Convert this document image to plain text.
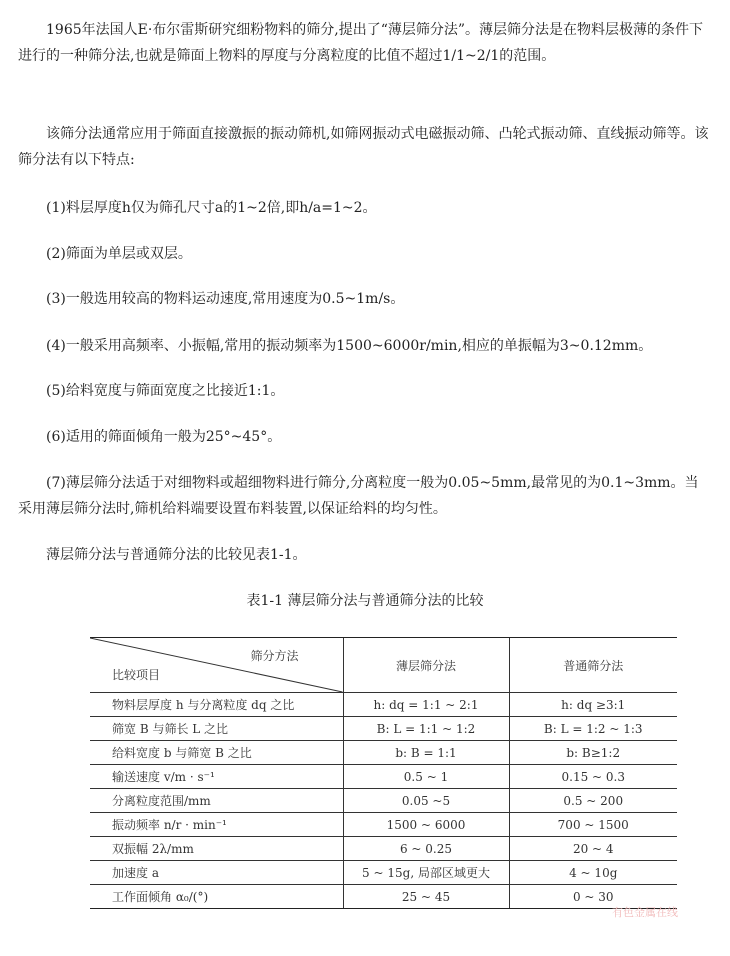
　　1965年法国人E·布尔雷斯研究细粉物料的筛分,提出了“薄层筛分法”。薄层筛分法是在物料层极薄的条件下进行的一种筛分法,也就是筛面上物料的厚度与分离粒度的比值不超过1/1~2/1的范围。

　　该筛分法通常应用于筛面直接激振的振动筛机,如筛网振动式电磁振动筛、凸轮式振动筛、直线振动筛等。该筛分法有以下特点:

　　(1)料层厚度h仅为筛孔尺寸a的1~2倍,即h/a=1~2。

　　(2)筛面为单层或双层。

　　(3)一般选用较高的物料运动速度,常用速度为0.5~1m/s。

　　(4)一般采用高频率、小振幅,常用的振动频率为1500~6000r/min,相应的单振幅为3~0.12mm。

　　(5)给料宽度与筛面宽度之比接近1:1。

　　(6)适用的筛面倾角一般为25°~45°。

　　(7)薄层筛分法适于对细物料或超细物料进行筛分,分离粒度一般为0.05~5mm,最常见的为0.1~3mm。当采用薄层筛分法时,筛机给料端要设置布料装置,以保证给料的均匀性。

　　薄层筛分法与普通筛分法的比较见表1-1。

表1-1 薄层筛分法与普通筛分法的比较

筛分方法
比较项目	薄层筛分法	普通筛分法
物料层厚度 h 与分离粒度 dq 之比	h: dq = 1:1 ~ 2:1	h: dq ≥3:1
筛宽 B 与筛长 L 之比	B: L = 1:1 ~ 1:2	B: L = 1:2 ~ 1:3
给料宽度 b 与筛宽 B 之比	b: B = 1:1	b: B≥1:2
输送速度 v/m · s⁻¹	0.5 ~ 1	0.15 ~ 0.3
分离粒度范围/mm	0.05 ~5	0.5 ~ 200
振动频率 n/r · min⁻¹	1500 ~ 6000	700 ~ 1500
双振幅 2λ/mm	6 ~ 0.25	20 ~ 4
加速度 a	5 ~ 15g, 局部区域更大	4 ~ 10g
工作面倾角 α₀/(°)	25 ~ 45	0 ~ 30
有色金属在线
